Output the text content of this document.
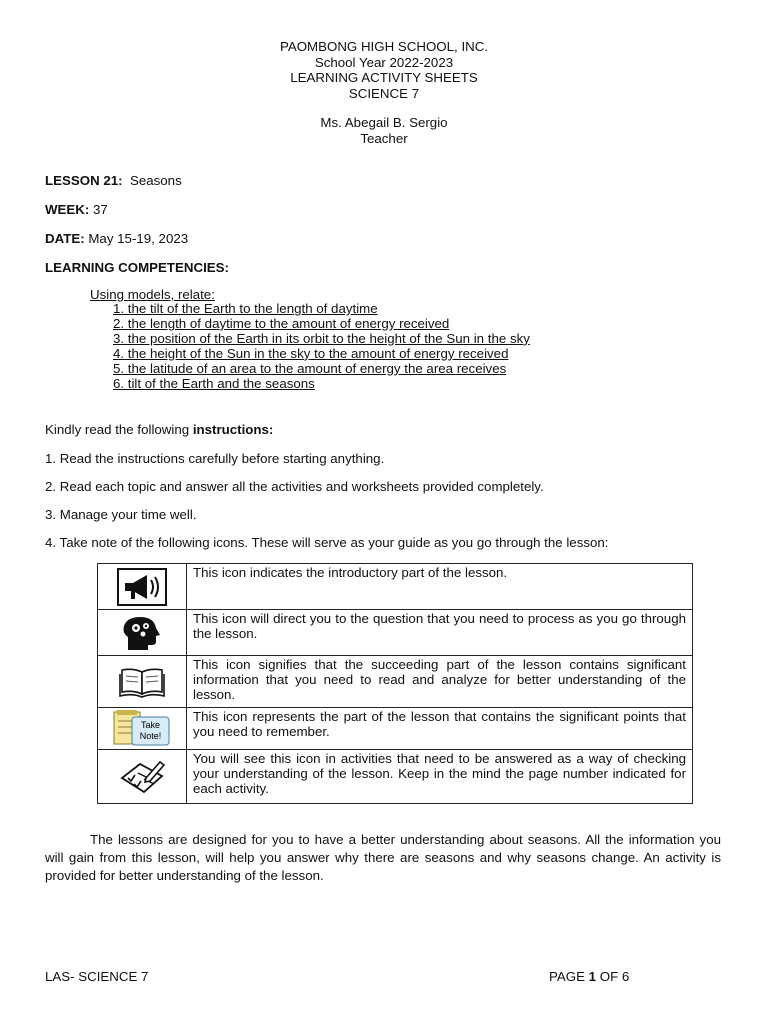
PAOMBONG HIGH SCHOOL, INC.
School Year 2022-2023
LEARNING ACTIVITY SHEETS
SCIENCE 7
Ms. Abegail B. Sergio
Teacher
LESSON 21: Seasons
WEEK: 37
DATE: May 15-19, 2023
LEARNING COMPETENCIES:
Using models, relate:
1. the tilt of the Earth to the length of daytime
2. the length of daytime to the amount of energy received
3. the position of the Earth in its orbit to the height of the Sun in the sky
4. the height of the Sun in the sky to the amount of energy received
5. the latitude of an area to the amount of energy the area receives
6. tilt of the Earth and the seasons
Kindly read the following instructions:
1. Read the instructions carefully before starting anything.
2. Read each topic and answer all the activities and worksheets provided completely.
3. Manage your time well.
4. Take note of the following icons. These will serve as your guide as you go through the lesson:
	This icon indicates the introductory part of the lesson.

	This icon will direct you to the question that you need to process as you go through the lesson.

	This icon signifies that the succeeding part of the lesson contains significant information that you need to read and analyze for better understanding of the lesson.

Take
Note!	This icon represents the part of the lesson that contains the significant points that you need to remember.

	You will see this icon in activities that need to be answered as a way of checking your understanding of the lesson. Keep in the mind the page number indicated for each activity.
The lessons are designed for you to have a better understanding about seasons. All the information you will gain from this lesson, will help you answer why there are seasons and why seasons change. An activity is provided for better understanding of the lesson.
LAS- SCIENCE 7	PAGE 1 OF 6
